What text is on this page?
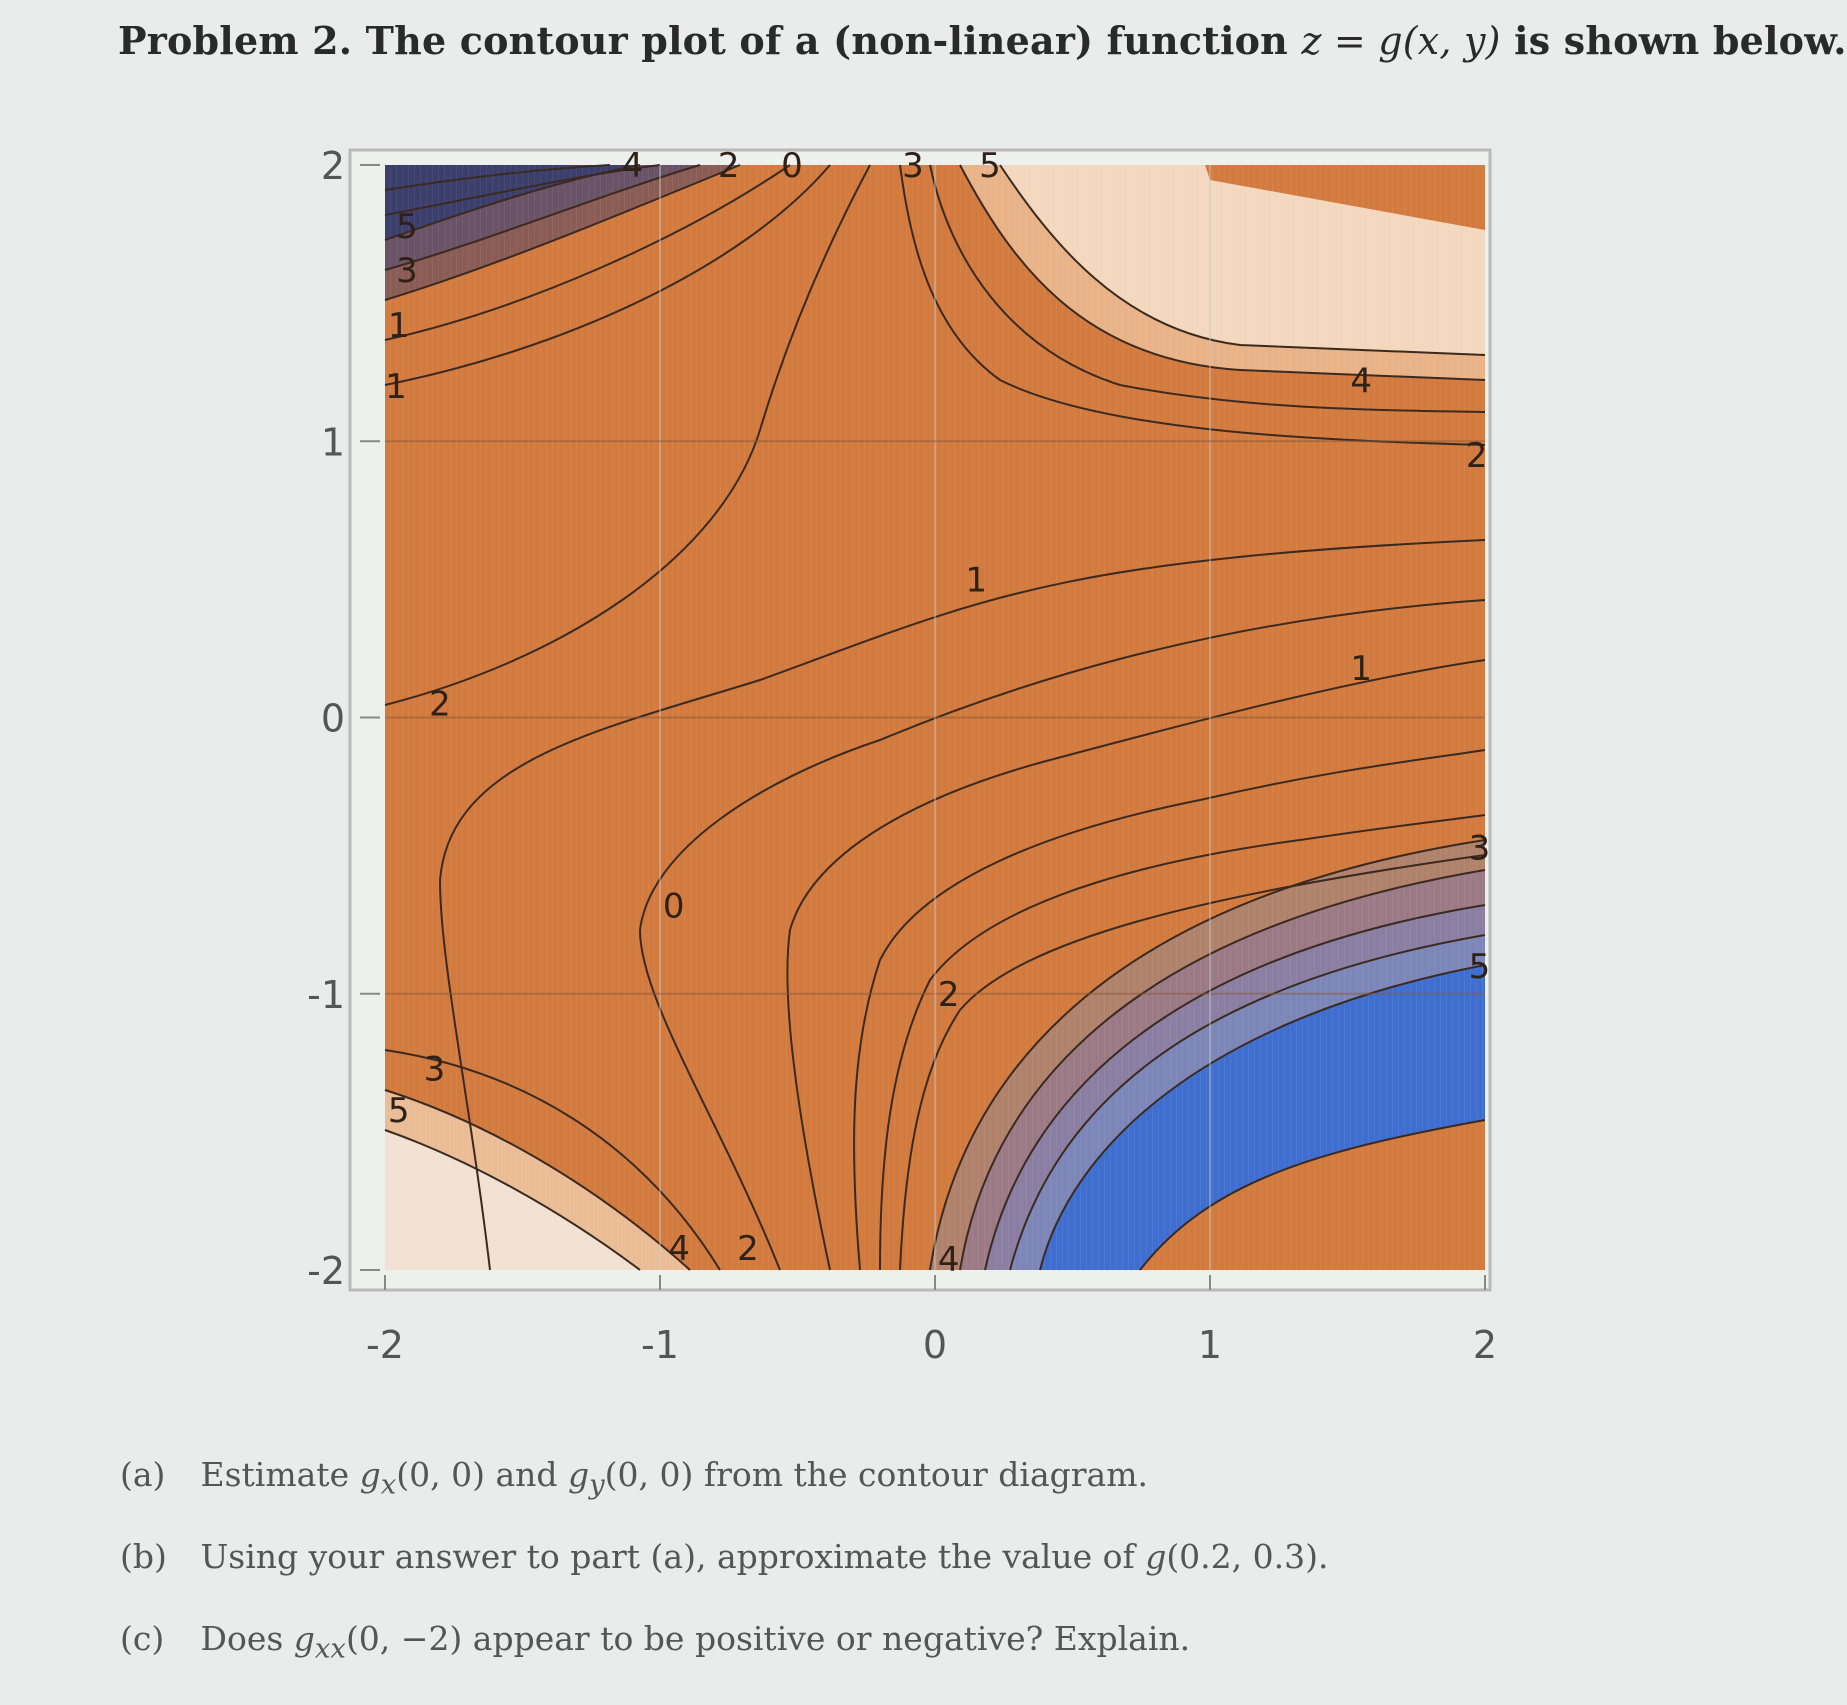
Problem 2. The contour plot of a (non-linear) function z = g(x, y) is shown below.
-2	-1	0	1	2
2
1
0
-1
-2
4 2 0	3 5
5
3
1
1	4
2
1
1
2
0
3
2
5
3
5
4 2	4
(a) Estimate $g_x(0$, 0) and $g_y(0$, 0) from the contour diagram.
(b) Using your answer to part (a), approximate the value of g(0.2, 0.3).
(c) Does $g_{xx}(0$, −2) appear to be positive or negative? Explain.
